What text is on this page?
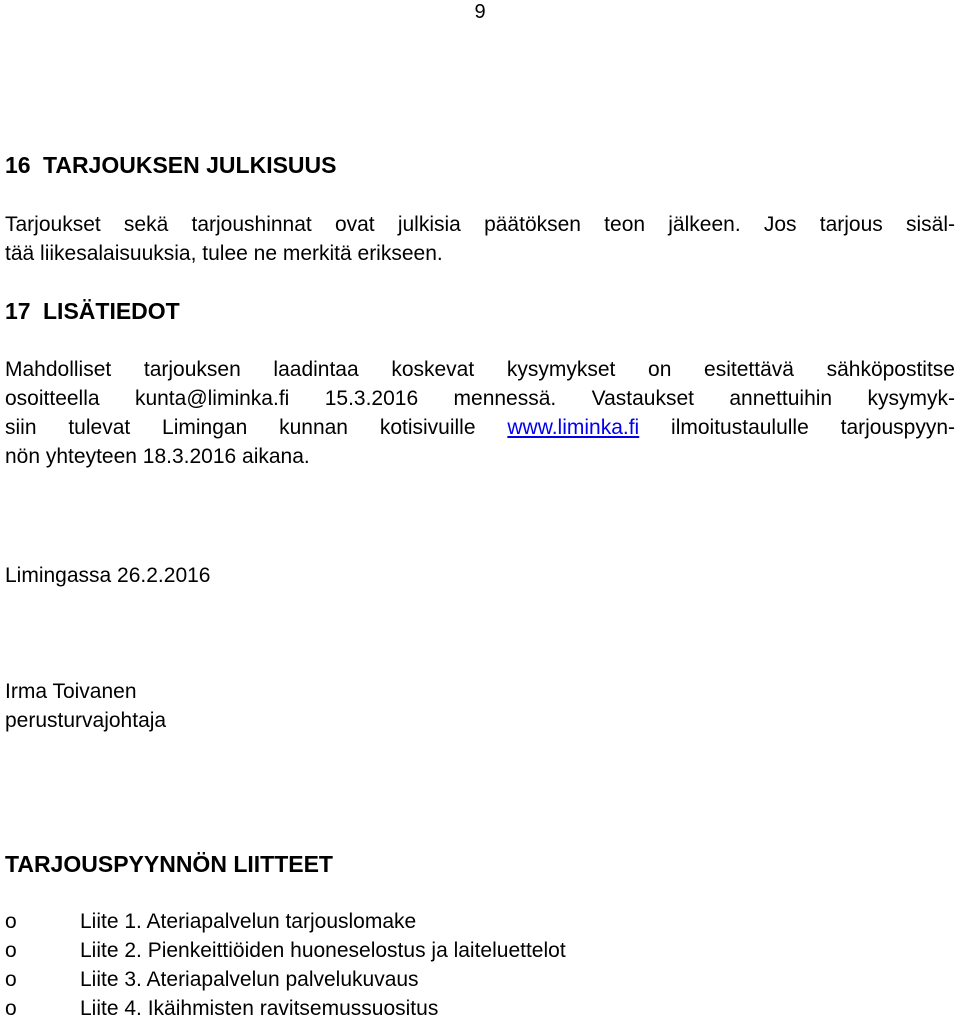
9
16 TARJOUKSEN JULKISUUS

Tarjoukset sekä tarjoushinnat ovat julkisia päätöksen teon jälkeen. Jos tarjous sisäl-
tää liikesalaisuuksia, tulee ne merkitä erikseen.

17 LISÄTIEDOT

Mahdolliset tarjouksen laadintaa koskevat kysymykset on esitettävä sähköpostitse
osoitteella kunta@liminka.fi 15.3.2016 mennessä. Vastaukset annettuihin kysymyk-
siin tulevat Limingan kunnan kotisivuille www.liminka.fi ilmoitustaululle tarjouspyyn-
nön yhteyteen 18.3.2016 aikana.

Limingassa 26.2.2016

Irma Toivanen
perusturvajohtaja
TARJOUSPYYNNÖN LIITTEET
o	Liite 1. Ateriapalvelun tarjouslomake
o	Liite 2. Pienkeittiöiden huoneselostus ja laiteluettelot
o	Liite 3. Ateriapalvelun palvelukuvaus
o	Liite 4. Ikäihmisten ravitsemussuositus
